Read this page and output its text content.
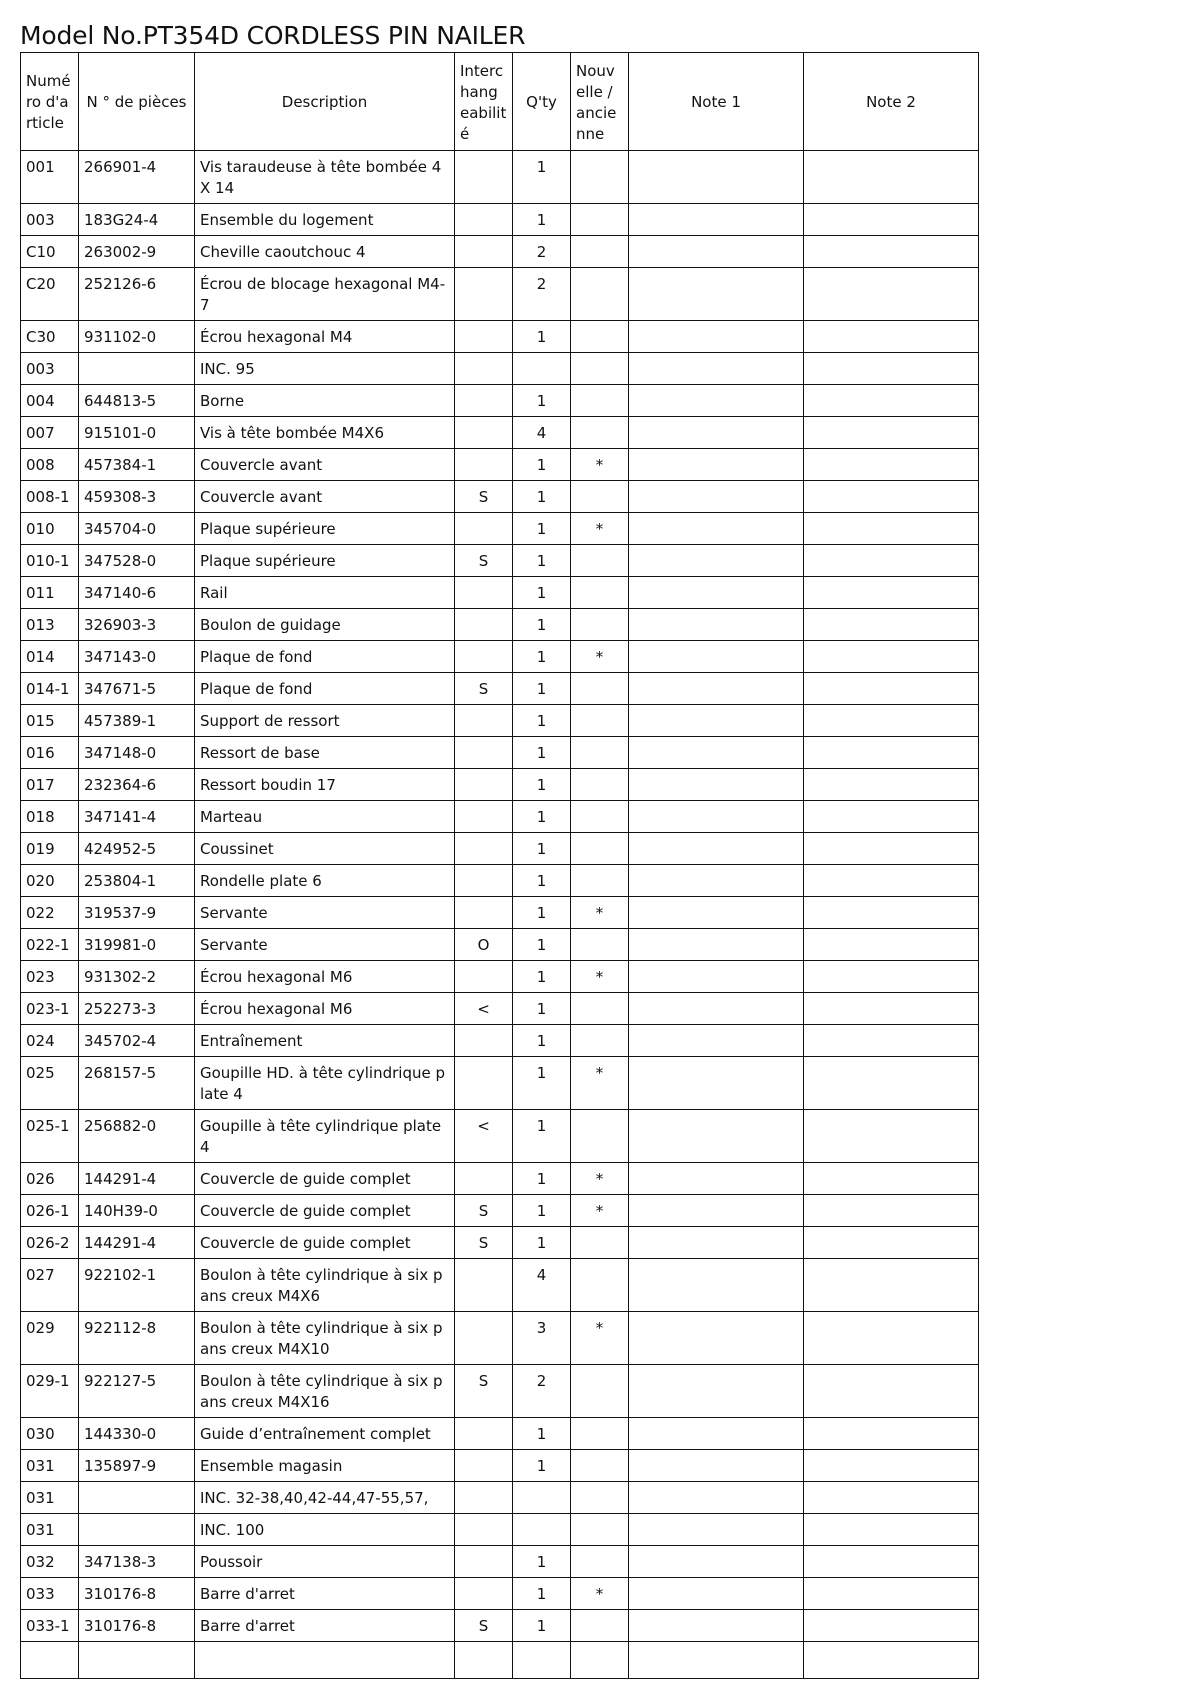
Model No.PT354D CORDLESS PIN NAILER
Numé ro d'a rticle	N ° de pièces	Description	Interc hang eabilit é	Q'ty	Nouv elle / ancie nne	Note 1	Note 2
001	266901-4	Vis taraudeuse à tête bombée 4X 14		1			
003	183G24-4	Ensemble du logement		1			
C10	263002-9	Cheville caoutchouc 4		2			
C20	252126-6	Écrou de blocage hexagonal M4-7		2			
C30	931102-0	Écrou hexagonal M4		1			
003		INC. 95					
004	644813-5	Borne		1			
007	915101-0	Vis à tête bombée M4X6		4			
008	457384-1	Couvercle avant		1	*		
008-1	459308-3	Couvercle avant	S	1			
010	345704-0	Plaque supérieure		1	*		
010-1	347528-0	Plaque supérieure	S	1			
011	347140-6	Rail		1			
013	326903-3	Boulon de guidage		1			
014	347143-0	Plaque de fond		1	*		
014-1	347671-5	Plaque de fond	S	1			
015	457389-1	Support de ressort		1			
016	347148-0	Ressort de base		1			
017	232364-6	Ressort boudin 17		1			
018	347141-4	Marteau		1			
019	424952-5	Coussinet		1			
020	253804-1	Rondelle plate 6		1			
022	319537-9	Servante		1	*		
022-1	319981-0	Servante	O	1			
023	931302-2	Écrou hexagonal M6		1	*		
023-1	252273-3	Écrou hexagonal M6	<	1			
024	345702-4	Entraînement		1			
025	268157-5	Goupille HD. à tête cylindrique plate 4		1	*		
025-1	256882-0	Goupille à tête cylindrique plate 4	<	1			
026	144291-4	Couvercle de guide complet		1	*		
026-1	140H39-0	Couvercle de guide complet	S	1	*		
026-2	144291-4	Couvercle de guide complet	S	1			
027	922102-1	Boulon à tête cylindrique à six pans creux M4X6		4			
029	922112-8	Boulon à tête cylindrique à six pans creux M4X10		3	*		
029-1	922127-5	Boulon à tête cylindrique à six pans creux M4X16	S	2			
030	144330-0	Guide d’entraînement complet		1			
031	135897-9	Ensemble magasin		1			
031		INC. 32-38,40,42-44,47-55,57,					
031		INC. 100					
032	347138-3	Poussoir		1			
033	310176-8	Barre d'arret		1	*		
033-1	310176-8	Barre d'arret	S	1			
